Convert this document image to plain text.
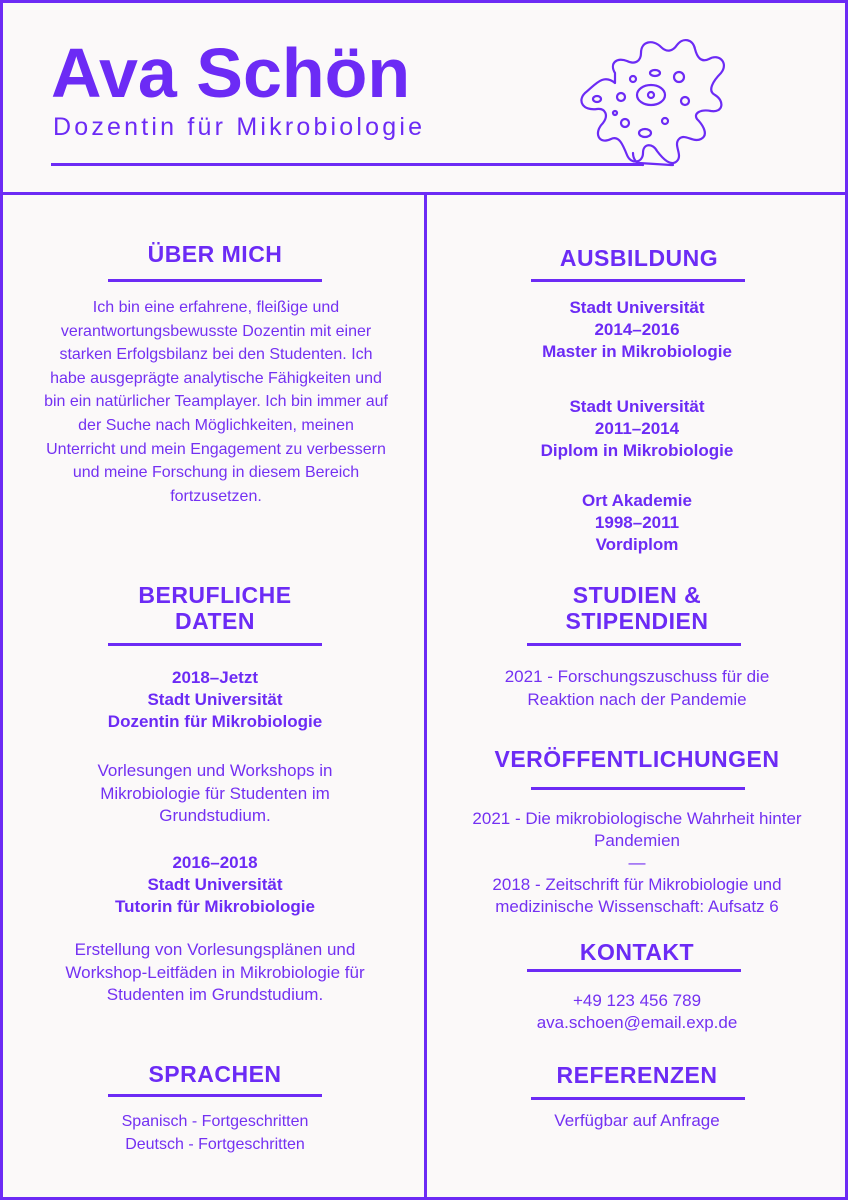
Ava Schön
Dozentin für Mikrobiologie
ÜBER MICH
Ich bin eine erfahrene, fleißige und verantwortungsbewusste Dozentin mit einer starken Erfolgsbilanz bei den Studenten. Ich habe ausgeprägte analytische Fähigkeiten und bin ein natürlicher Teamplayer. Ich bin immer auf der Suche nach Möglichkeiten, meinen Unterricht und mein Engagement zu verbessern und meine Forschung in diesem Bereich fortzusetzen.
BERUFLICHE
DATEN
2018–Jetzt
Stadt Universität
Dozentin für Mikrobiologie
Vorlesungen und Workshops in Mikrobiologie für Studenten im Grundstudium.
2016–2018
Stadt Universität
Tutorin für Mikrobiologie
Erstellung von Vorlesungsplänen und Workshop-Leitfäden in Mikrobiologie für Studenten im Grundstudium.
SPRACHEN
Spanisch - Fortgeschritten
Deutsch - Fortgeschritten
AUSBILDUNG
Stadt Universität
2014–2016
Master in Mikrobiologie
Stadt Universität
2011–2014
Diplom in Mikrobiologie
Ort Akademie
1998–2011
Vordiplom
STUDIEN &
STIPENDIEN
2021 - Forschungszuschuss für die Reaktion nach der Pandemie
VERÖFFENTLICHUNGEN
2021 - Die mikrobiologische Wahrheit hinter Pandemien
—
2018 - Zeitschrift für Mikrobiologie und medizinische Wissenschaft: Aufsatz 6
KONTAKT
+49 123 456 789
ava.schoen@email.exp.de
REFERENZEN
Verfügbar auf Anfrage
